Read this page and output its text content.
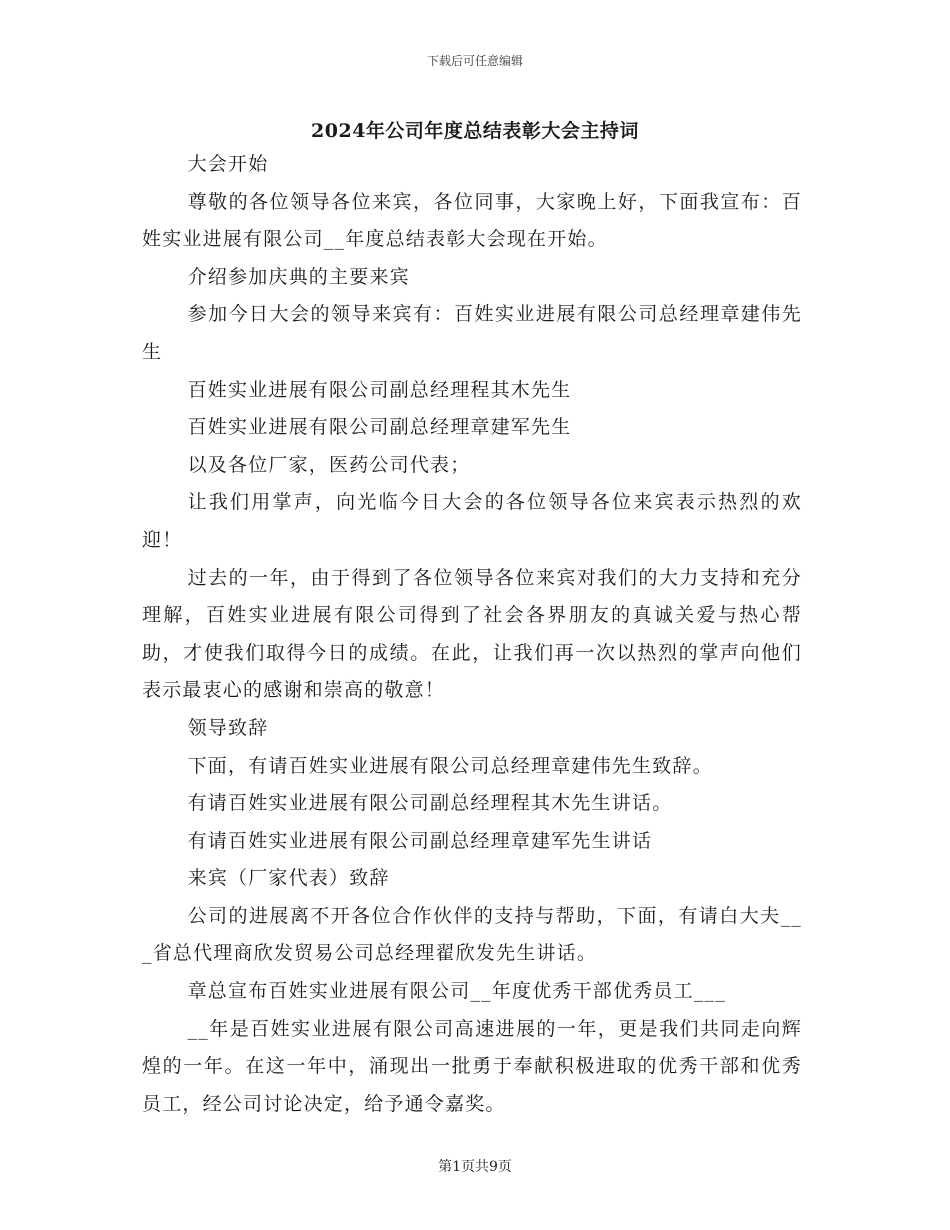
下载后可任意编辑
2024年公司年度总结表彰大会主持词

大会开始

尊敬的各位领导各位来宾，各位同事，大家晚上好，下面我宣布：百姓实业进展有限公司__年度总结表彰大会现在开始。

介绍参加庆典的主要来宾

参加今日大会的领导来宾有：百姓实业进展有限公司总经理章建伟先生

百姓实业进展有限公司副总经理程其木先生

百姓实业进展有限公司副总经理章建军先生

以及各位厂家，医药公司代表；

让我们用掌声，向光临今日大会的各位领导各位来宾表示热烈的欢迎！

过去的一年，由于得到了各位领导各位来宾对我们的大力支持和充分理解，百姓实业进展有限公司得到了社会各界朋友的真诚关爱与热心帮助，才使我们取得今日的成绩。在此，让我们再一次以热烈的掌声向他们表示最衷心的感谢和崇高的敬意！

领导致辞

下面，有请百姓实业进展有限公司总经理章建伟先生致辞。

有请百姓实业进展有限公司副总经理程其木先生讲话。

有请百姓实业进展有限公司副总经理章建军先生讲话

来宾（厂家代表）致辞

公司的进展离不开各位合作伙伴的支持与帮助，下面，有请白大夫___省总代理商欣发贸易公司总经理翟欣发先生讲话。

章总宣布百姓实业进展有限公司__年度优秀干部优秀员工___

__年是百姓实业进展有限公司高速进展的一年，更是我们共同走向辉煌的一年。在这一年中，涌现出一批勇于奉献积极进取的优秀干部和优秀员工，经公司讨论决定，给予通令嘉奖。

第1页共9页
